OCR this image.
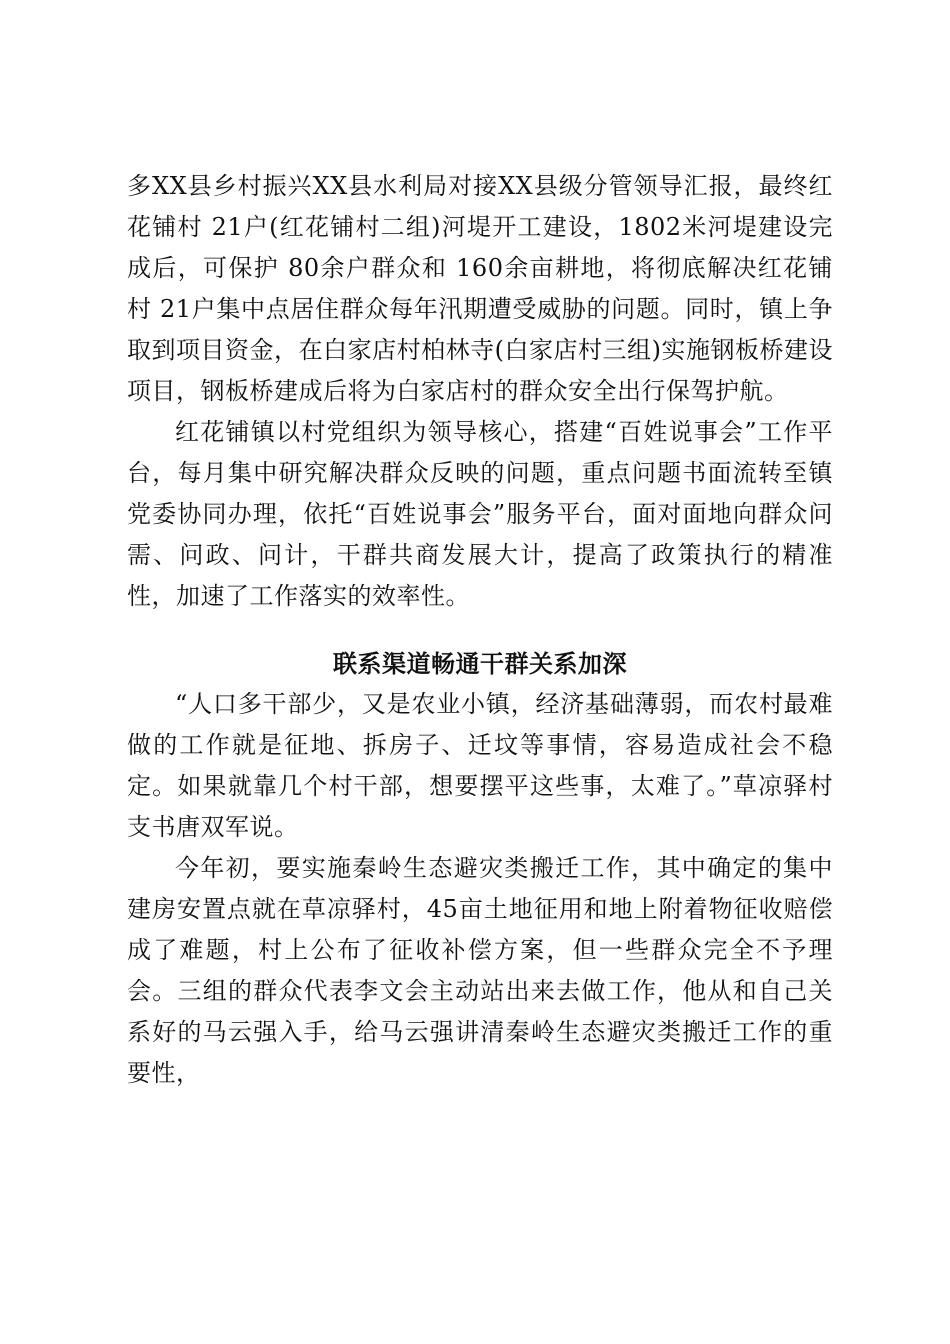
多XX县乡村振兴XX县水利局对接XX县级分管领导汇报，最终红花铺村 21户(红花铺村二组)河堤开工建设，1802米河堤建设完成后，可保护 80余户群众和 160余亩耕地，将彻底解决红花铺村 21户集中点居住群众每年汛期遭受威胁的问题。同时，镇上争取到项目资金，在白家店村柏林寺(白家店村三组)实施钢板桥建设项目，钢板桥建成后将为白家店村的群众安全出行保驾护航。

红花铺镇以村党组织为领导核心，搭建“百姓说事会”工作平台，每月集中研究解决群众反映的问题，重点问题书面流转至镇党委协同办理，依托“百姓说事会”服务平台，面对面地向群众问需、问政、问计，干群共商发展大计，提高了政策执行的精准性，加速了工作落实的效率性。

联系渠道畅通干群关系加深

“人口多干部少，又是农业小镇，经济基础薄弱，而农村最难做的工作就是征地、拆房子、迁坟等事情，容易造成社会不稳定。如果就靠几个村干部，想要摆平这些事，太难了。”草凉驿村支书唐双军说。

今年初，要实施秦岭生态避灾类搬迁工作，其中确定的集中建房安置点就在草凉驿村，45亩土地征用和地上附着物征收赔偿成了难题，村上公布了征收补偿方案，但一些群众完全不予理会。三组的群众代表李文会主动站出来去做工作，他从和自己关系好的马云强入手，给马云强讲清秦岭生态避灾类搬迁工作的重要性，
